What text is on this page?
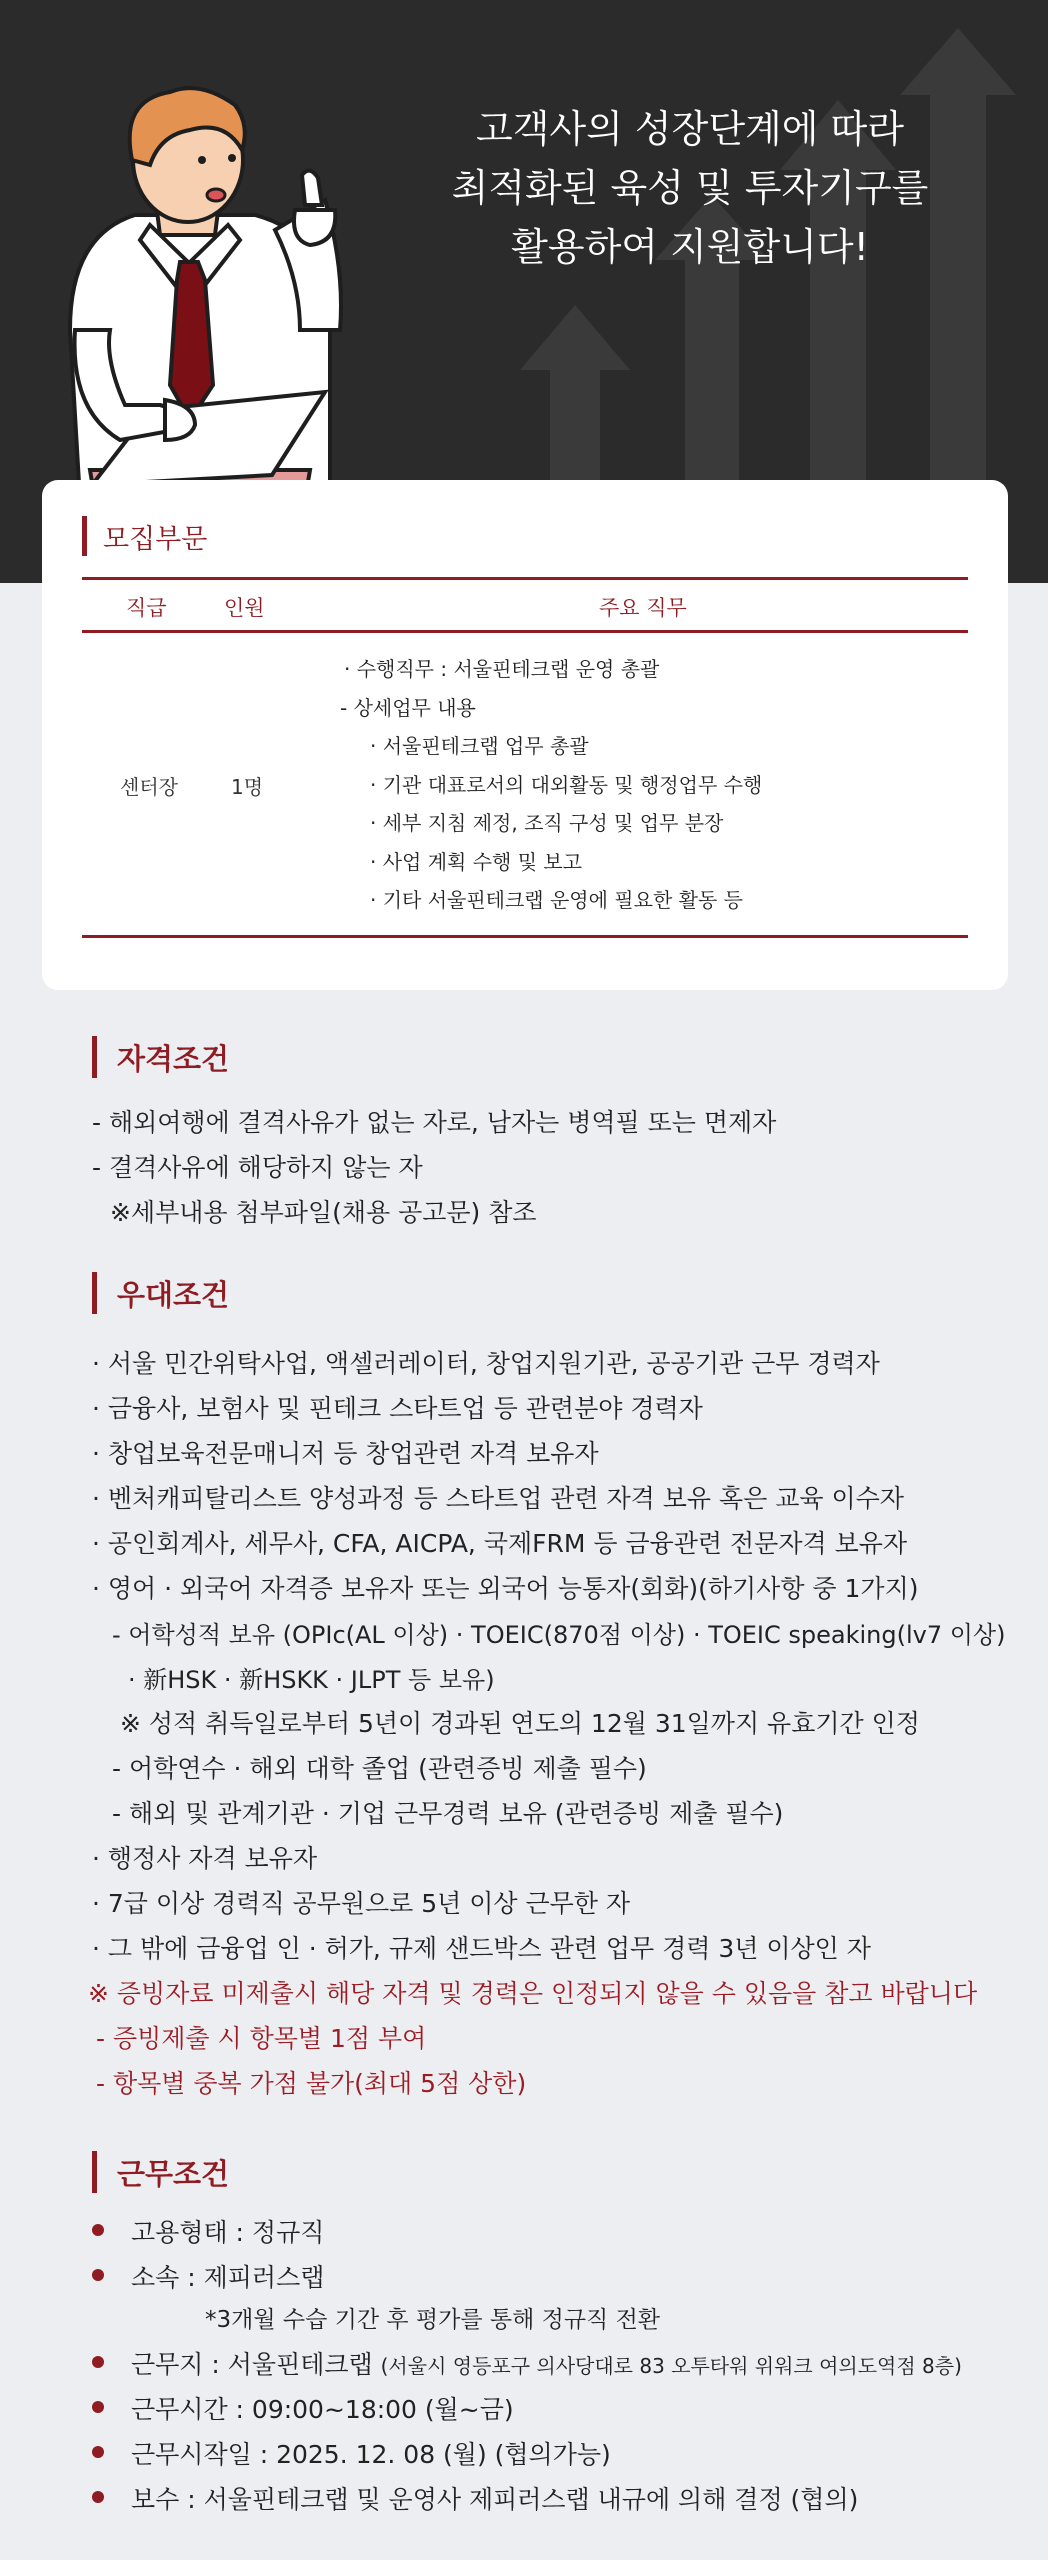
고객사의 성장단계에 따라
최적화된 육성 및 투자기구를
활용하여 지원합니다!
모집부문
직급	인원	주요 직무
센터장	1명
· 수행직무 : 서울핀테크랩 운영 총괄
- 상세업무 내용
· 서울핀테크랩 업무 총괄
· 기관 대표로서의 대외활동 및 행정업무 수행
· 세부 지침 제정, 조직 구성 및 업무 분장
· 사업 계획 수행 및 보고
· 기타 서울핀테크랩 운영에 필요한 활동 등
자격조건
- 해외여행에 결격사유가 없는 자로, 남자는 병역필 또는 면제자
- 결격사유에 해당하지 않는 자
※세부내용 첨부파일(채용 공고문) 참조
우대조건
· 서울 민간위탁사업, 액셀러레이터, 창업지원기관, 공공기관 근무 경력자
· 금융사, 보험사 및 핀테크 스타트업 등 관련분야 경력자
· 창업보육전문매니저 등 창업관련 자격 보유자
· 벤처캐피탈리스트 양성과정 등 스타트업 관련 자격 보유 혹은 교육 이수자
· 공인회계사, 세무사, CFA, AICPA, 국제FRM 등 금융관련 전문자격 보유자
· 영어 · 외국어 자격증 보유자 또는 외국어 능통자(회화)(하기사항 중 1가지)
- 어학성적 보유 (OPIc(AL 이상) · TOEIC(870점 이상) · TOEIC speaking(lv7 이상)
· 新HSK · 新HSKK · JLPT 등 보유)
※ 성적 취득일로부터 5년이 경과된 연도의 12월 31일까지 유효기간 인정
- 어학연수 · 해외 대학 졸업 (관련증빙 제출 필수)
- 해외 및 관계기관 · 기업 근무경력 보유 (관련증빙 제출 필수)
· 행정사 자격 보유자
· 7급 이상 경력직 공무원으로 5년 이상 근무한 자
· 그 밖에 금융업 인 · 허가, 규제 샌드박스 관련 업무 경력 3년 이상인 자
※ 증빙자료 미제출시 해당 자격 및 경력은 인정되지 않을 수 있음을 참고 바랍니다
- 증빙제출 시 항목별 1점 부여
- 항목별 중복 가점 불가(최대 5점 상한)
근무조건
고용형태 : 정규직
소속 : 제피러스랩
*3개월 수습 기간 후 평가를 통해 정규직 전환
근무지 : 서울핀테크랩 (서울시 영등포구 의사당대로 83 오투타워 위워크 여의도역점 8층)
근무시간 : 09:00~18:00 (월~금)
근무시작일 : 2025. 12. 08 (월) (협의가능)
보수 : 서울핀테크랩 및 운영사 제피러스랩 내규에 의해 결정 (협의)
